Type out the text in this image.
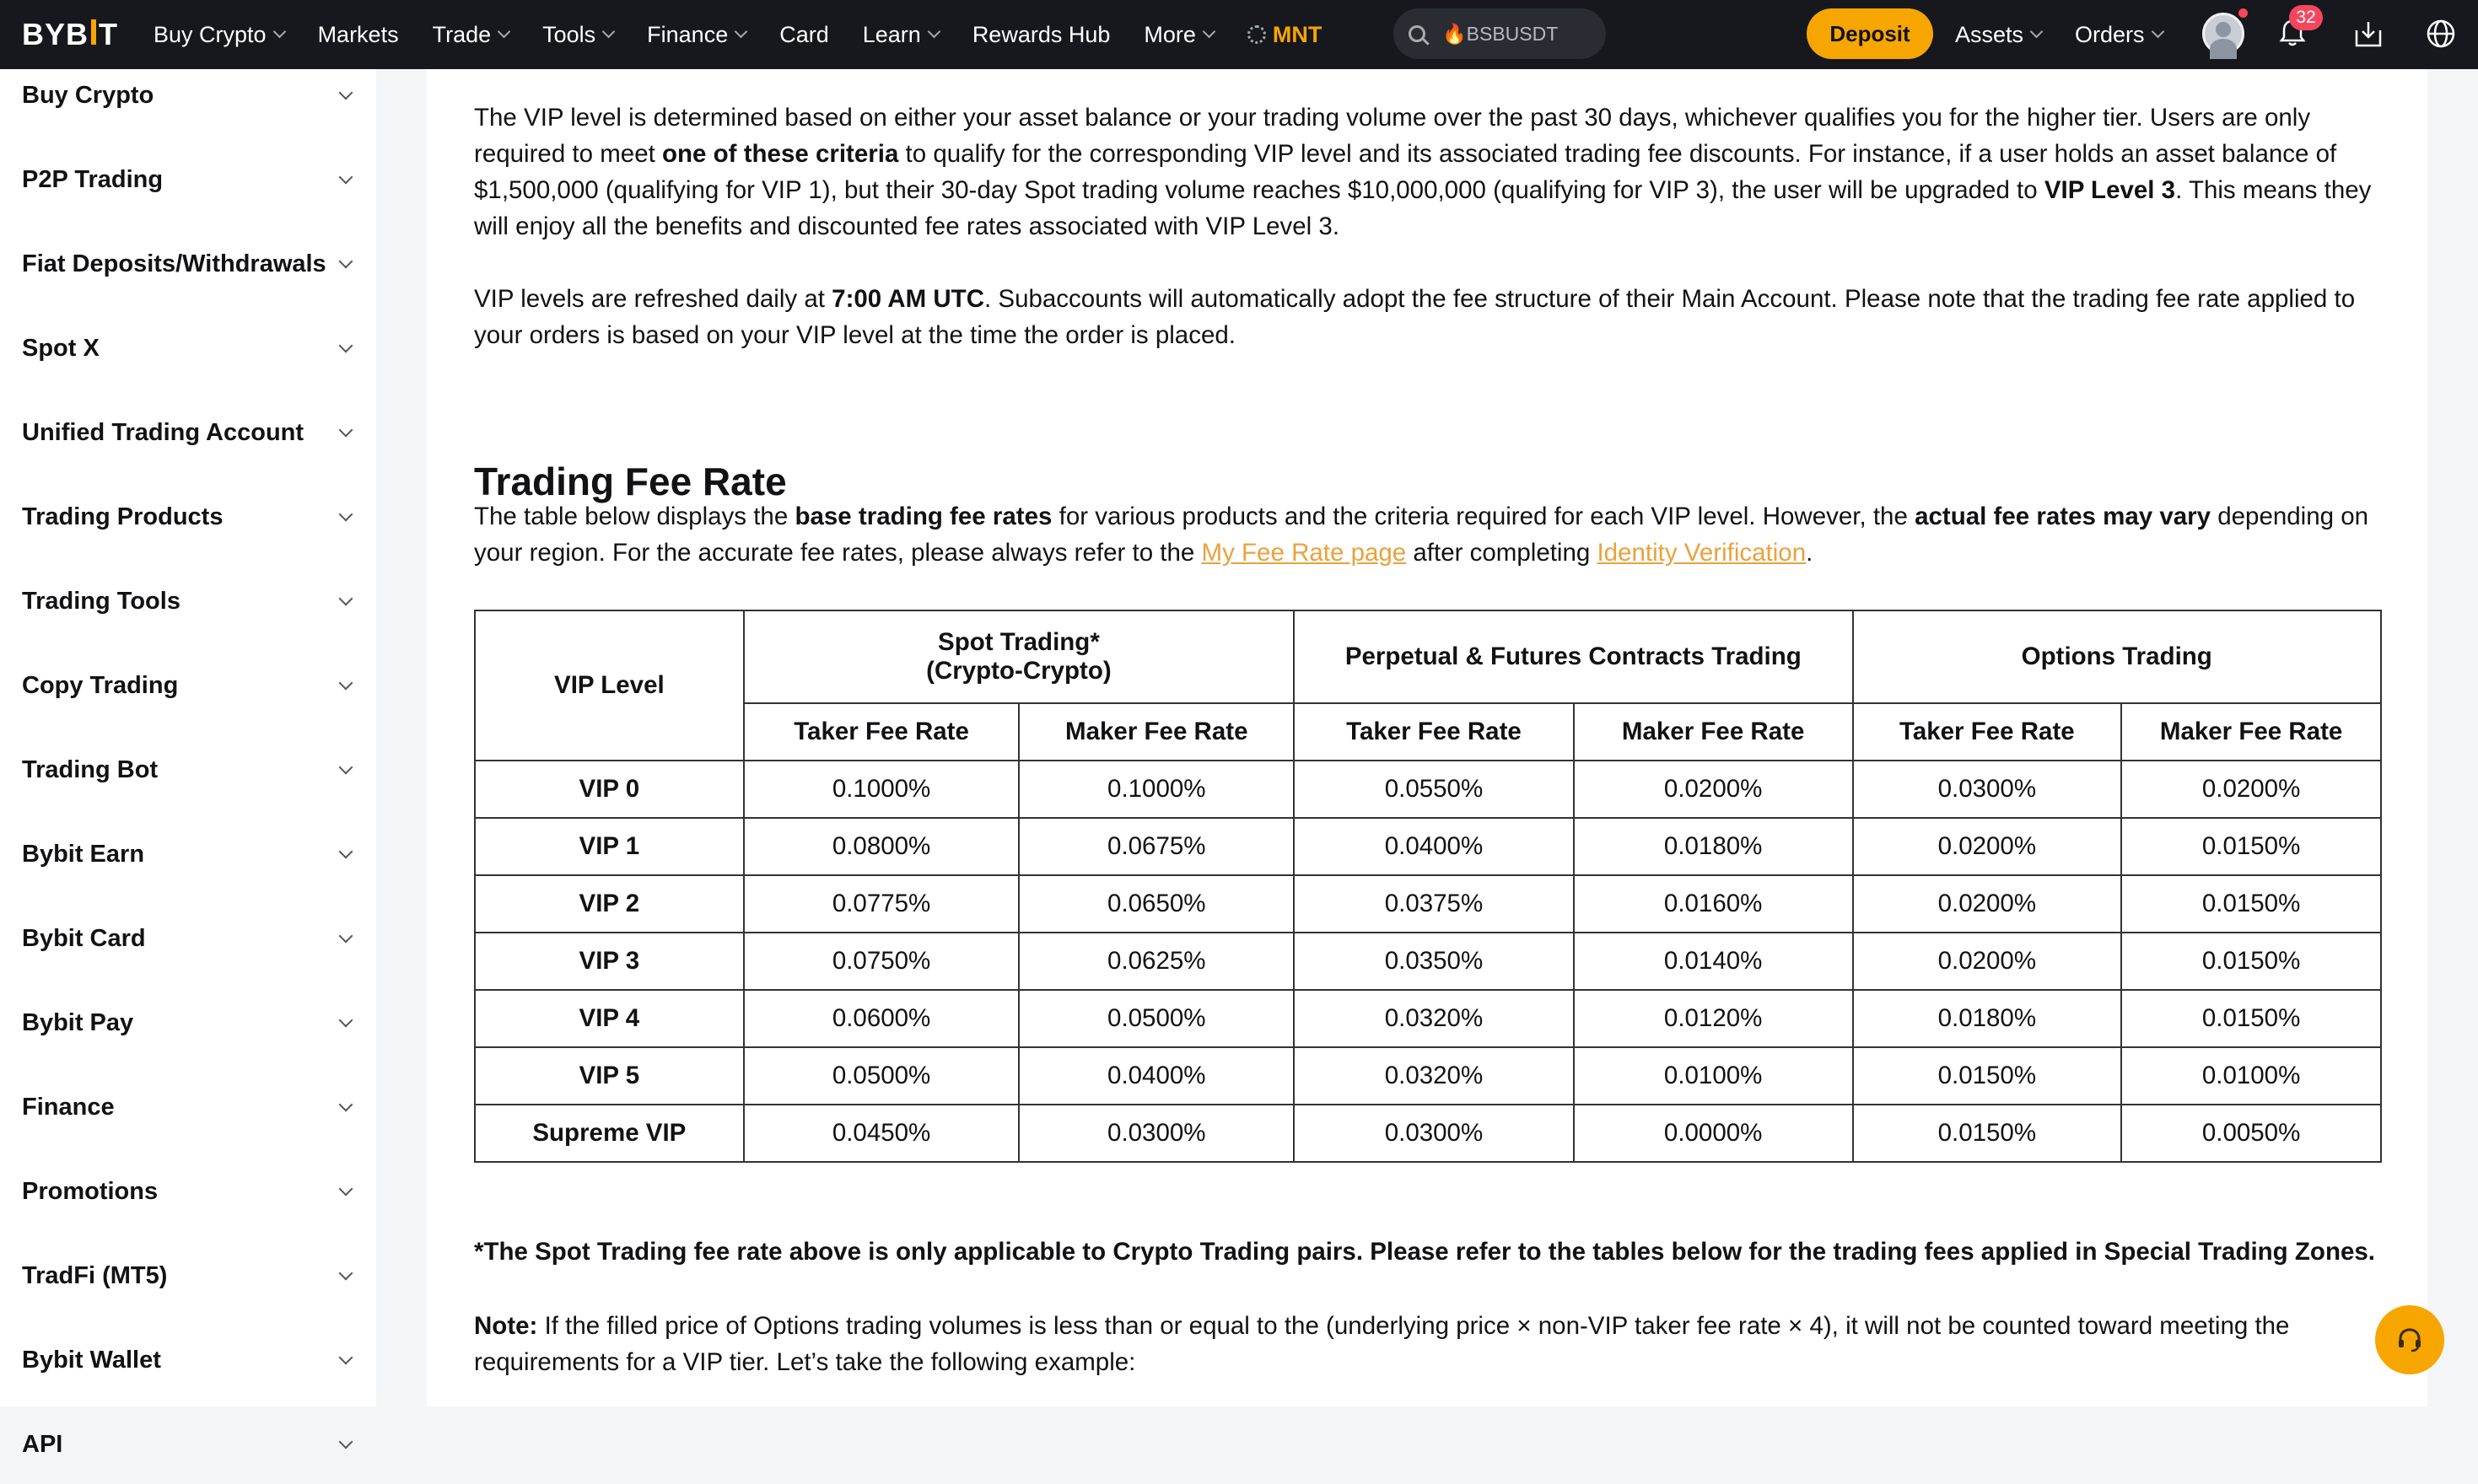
BYB T Buy Crypto Markets Trade Tools Finance Card Learn Rewards Hub More	MNT	🔥BSBUSDT	Deposit	Assets Orders
32
Buy Crypto
P2P Trading
Fiat Deposits/Withdrawals
Spot X
Unified Trading Account
Trading Products
Trading Tools
Copy Trading
Trading Bot
Bybit Earn
Bybit Card
Bybit Pay
Finance
Promotions
TradFi (MT5)
Bybit Wallet
API

The VIP level is determined based on either your asset balance or your trading volume over the past 30 days, whichever qualifies you for the higher tier. Users are only required to meet one of these criteria to qualify for the corresponding VIP level and its associated trading fee discounts. For instance, if a user holds an asset balance of $1,500,000 (qualifying for VIP 1), but their 30-day Spot trading volume reaches $10,000,000 (qualifying for VIP 3), the user will be upgraded to VIP Level 3. This means they will enjoy all the benefits and discounted fee rates associated with VIP Level 3.

VIP levels are refreshed daily at 7:00 AM UTC. Subaccounts will automatically adopt the fee structure of their Main Account. Please note that the trading fee rate applied to your orders is based on your VIP level at the time the order is placed.

Trading Fee Rate

The table below displays the base trading fee rates for various products and the criteria required for each VIP level. However, the actual fee rates may vary depending on your region. For the accurate fee rates, please always refer to the My Fee Rate page after completing Identity Verification.

VIP Level	Spot Trading*
(Crypto-Crypto)		Perpetual & Futures Contracts Trading		Options Trading	
	Taker Fee Rate	Maker Fee Rate	Taker Fee Rate	Maker Fee Rate	Taker Fee Rate	Maker Fee Rate
VIP 0	0.1000%	0.1000%	0.0550%	0.0200%	0.0300%	0.0200%
VIP 1	0.0800%	0.0675%	0.0400%	0.0180%	0.0200%	0.0150%
VIP 2	0.0775%	0.0650%	0.0375%	0.0160%	0.0200%	0.0150%
VIP 3	0.0750%	0.0625%	0.0350%	0.0140%	0.0200%	0.0150%
VIP 4	0.0600%	0.0500%	0.0320%	0.0120%	0.0180%	0.0150%
VIP 5	0.0500%	0.0400%	0.0320%	0.0100%	0.0150%	0.0100%
Supreme VIP	0.0450%	0.0300%	0.0300%	0.0000%	0.0150%	0.0050%
*The Spot Trading fee rate above is only applicable to Crypto Trading pairs. Please refer to the tables below for the trading fees applied in Special Trading Zones.

Note: If the filled price of Options trading volumes is less than or equal to the (underlying price × non-VIP taker fee rate × 4), it will not be counted toward meeting the requirements for a VIP tier. Let’s take the following example:
